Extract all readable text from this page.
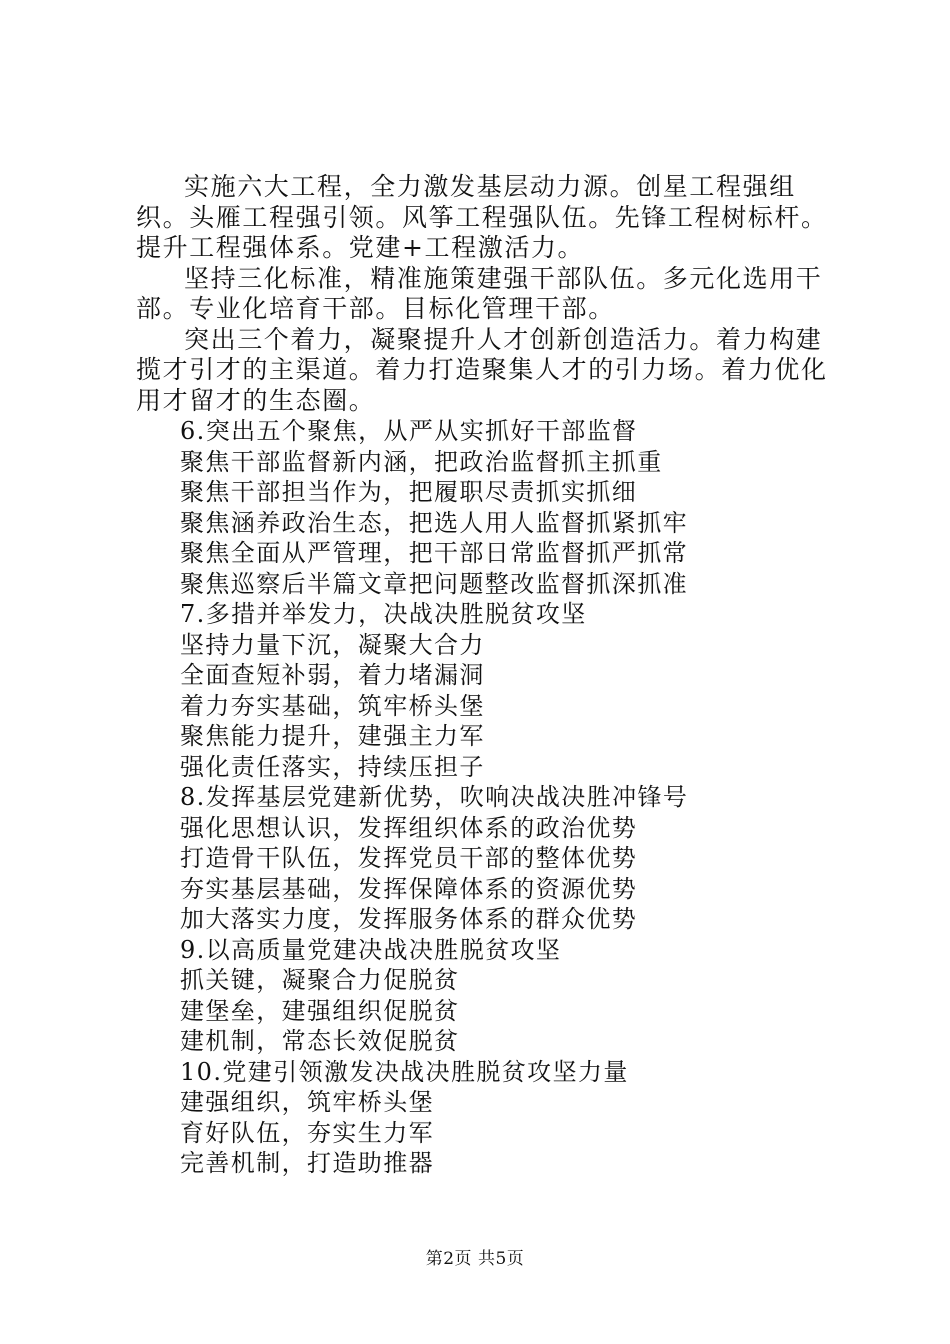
实施六大工程，全力激发基层动力源。创星工程强组织。头雁工程强引领。风筝工程强队伍。先锋工程树标杆。提升工程强体系。党建+工程激活力。

坚持三化标准，精准施策建强干部队伍。多元化选用干部。专业化培育干部。目标化管理干部。

突出三个着力，凝聚提升人才创新创造活力。着力构建揽才引才的主渠道。着力打造聚集人才的引力场。着力优化用才留才的生态圈。

6.突出五个聚焦，从严从实抓好干部监督

聚焦干部监督新内涵，把政治监督抓主抓重

聚焦干部担当作为，把履职尽责抓实抓细

聚焦涵养政治生态，把选人用人监督抓紧抓牢

聚焦全面从严管理，把干部日常监督抓严抓常

聚焦巡察后半篇文章把问题整改监督抓深抓准

7.多措并举发力，决战决胜脱贫攻坚

坚持力量下沉，凝聚大合力

全面查短补弱，着力堵漏洞

着力夯实基础，筑牢桥头堡

聚焦能力提升，建强主力军

强化责任落实，持续压担子

8.发挥基层党建新优势，吹响决战决胜冲锋号

强化思想认识，发挥组织体系的政治优势

打造骨干队伍，发挥党员干部的整体优势

夯实基层基础，发挥保障体系的资源优势

加大落实力度，发挥服务体系的群众优势

9.以高质量党建决战决胜脱贫攻坚

抓关键，凝聚合力促脱贫

建堡垒，建强组织促脱贫

建机制，常态长效促脱贫

10.党建引领激发决战决胜脱贫攻坚力量

建强组织，筑牢桥头堡

育好队伍，夯实生力军

完善机制，打造助推器

第2页 共5页
